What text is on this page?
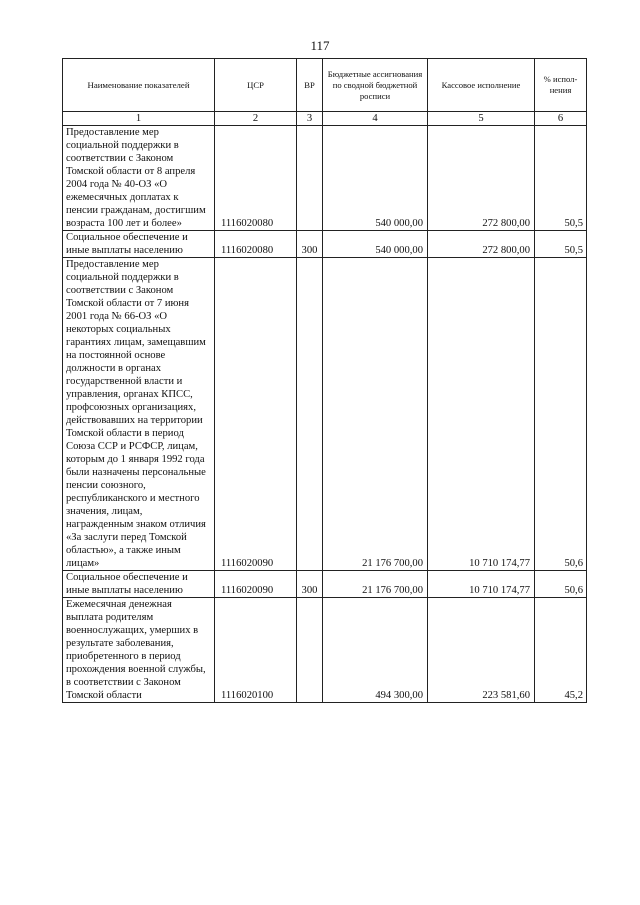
117
Наименование показателей	ЦСР	ВР	Бюджетные ассигнования по сводной бюджетной росписи	Кассовое исполнение	% испол-нения
1	2	3	4	5	6
Предоставление мер социальной поддержки в соответствии с Законом Томской области от 8 апреля 2004 года № 40-ОЗ «О ежемесячных доплатах к пенсии гражданам, достигшим возраста 100 лет и более»	1116020080		540 000,00	272 800,00	50,5
Социальное обеспечение и иные выплаты населению	1116020080	300	540 000,00	272 800,00	50,5
Предоставление мер социальной поддержки в соответствии с Законом Томской области от 7 июня 2001 года № 66-ОЗ «О некоторых социальных гарантиях лицам, замещавшим на постоянной основе должности в органах государственной власти и управления, органах КПСС, профсоюзных организациях, действовавших на территории Томской области в период Союза ССР и РСФСР, лицам, которым до 1 января 1992 года были назначены персональные пенсии союзного, республиканского и местного значения, лицам, награжденным знаком отличия «За заслуги перед Томской областью», а также иным лицам»	1116020090		21 176 700,00	10 710 174,77	50,6
Социальное обеспечение и иные выплаты населению	1116020090	300	21 176 700,00	10 710 174,77	50,6
Ежемесячная денежная выплата родителям военнослужащих, умерших в результате заболевания, приобретенного в период прохождения военной службы, в соответствии с Законом Томской области	1116020100		494 300,00	223 581,60	45,2
